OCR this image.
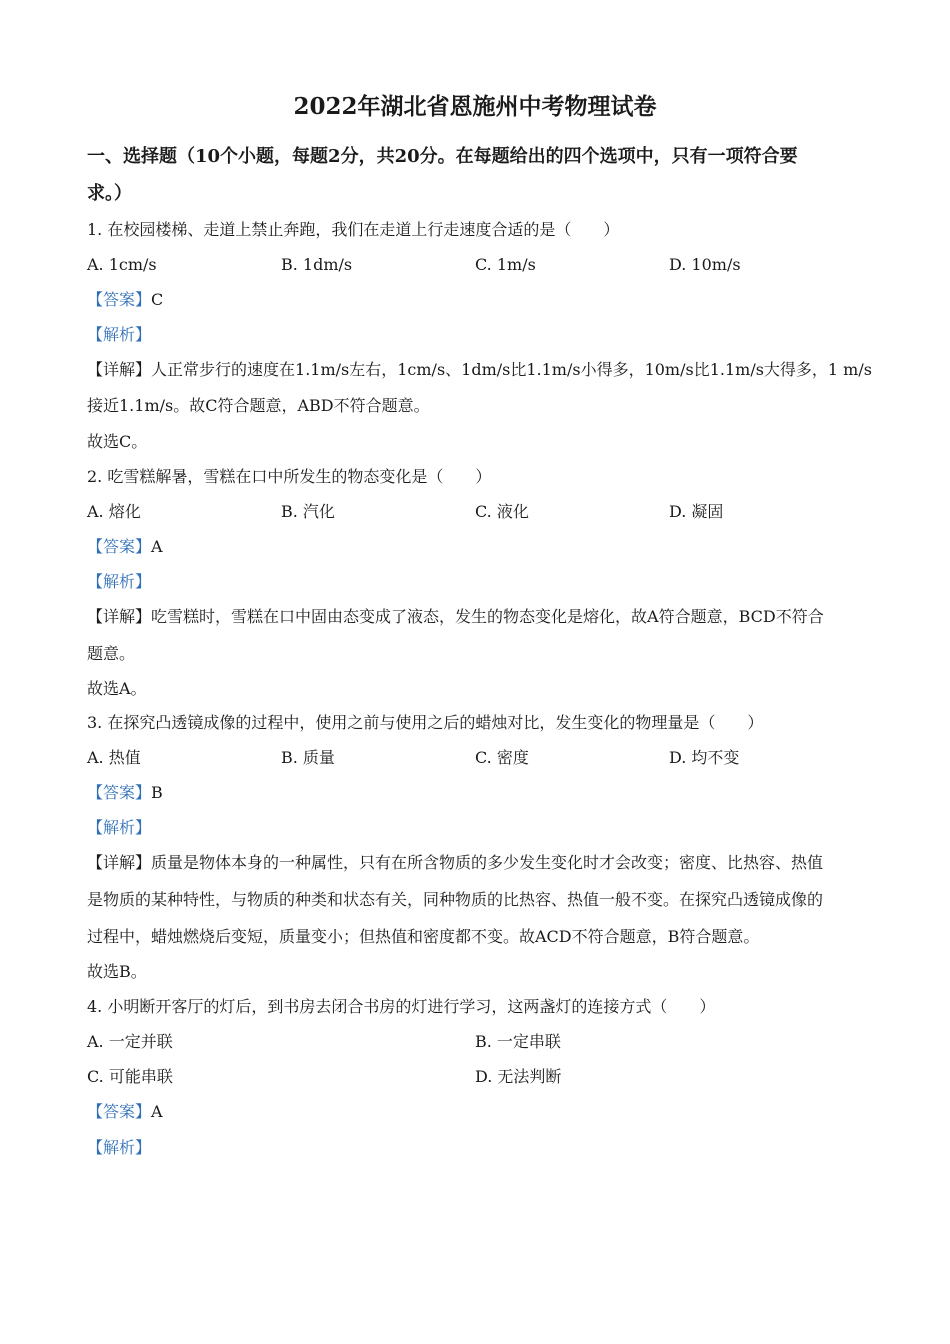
2022年湖北省恩施州中考物理试卷
一、选择题（10个小题，每题2分，共20分。在每题给出的四个选项中，只有一项符合要
求。）
1. 在校园楼梯、走道上禁止奔跑，我们在走道上行走速度合适的是（　　）
A. 1cm/s	B. 1dm/s	C. 1m/s	D. 10m/s
【答案】C
【解析】
【详解】人正常步行的速度在1.1m/s左右，1cm/s、1dm/s比1.1m/s小得多，10m/s比1.1m/s大得多，1 m/s
接近1.1m/s。故C符合题意，ABD不符合题意。
故选C。
2. 吃雪糕解暑，雪糕在口中所发生的物态变化是（　　）
A. 熔化	B. 汽化	C. 液化	D. 凝固
【答案】A
【解析】
【详解】吃雪糕时，雪糕在口中固由态变成了液态，发生的物态变化是熔化，故A符合题意，BCD不符合
题意。
故选A。
3. 在探究凸透镜成像的过程中，使用之前与使用之后的蜡烛对比，发生变化的物理量是（　　）
A. 热值	B. 质量	C. 密度	D. 均不变
【答案】B
【解析】
【详解】质量是物体本身的一种属性，只有在所含物质的多少发生变化时才会改变；密度、比热容、热值
是物质的某种特性，与物质的种类和状态有关，同种物质的比热容、热值一般不变。在探究凸透镜成像的
过程中，蜡烛燃烧后变短，质量变小；但热值和密度都不变。故ACD不符合题意，B符合题意。
故选B。
4. 小明断开客厅的灯后，到书房去闭合书房的灯进行学习，这两盏灯的连接方式（　　）
A. 一定并联	B. 一定串联
C. 可能串联	D. 无法判断
【答案】A
【解析】
